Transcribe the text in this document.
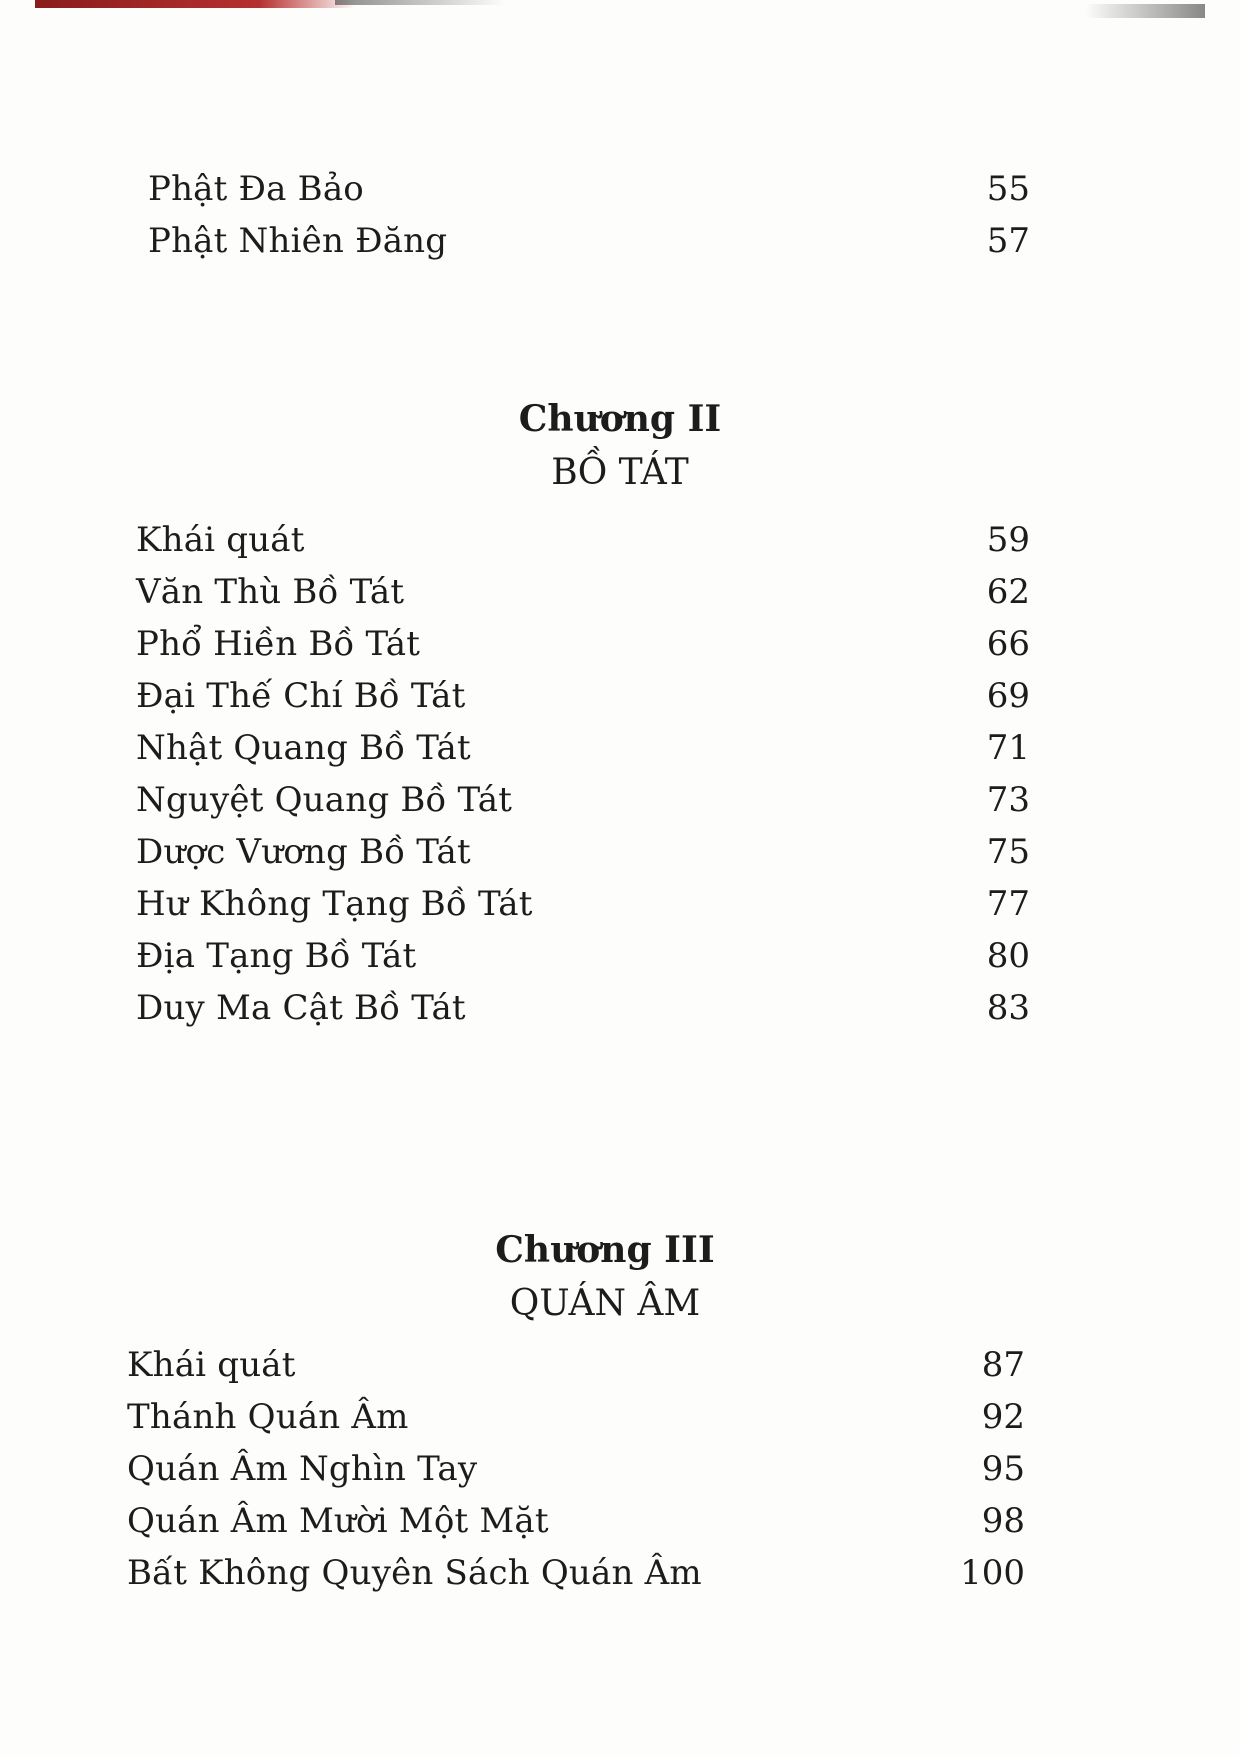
Phật Đa Bảo	55
Phật Nhiên Đăng	57
Chương II
BỒ TÁT
Khái quát	59
Văn Thù Bồ Tát	62
Phổ Hiền Bồ Tát	66
Đại Thế Chí Bồ Tát	69
Nhật Quang Bồ Tát	71
Nguyệt Quang Bồ Tát	73
Dược Vương Bồ Tát	75
Hư Không Tạng Bồ Tát	77
Địa Tạng Bồ Tát	80
Duy Ma Cật Bồ Tát	83
Chương III
QUÁN ÂM
Khái quát	87
Thánh Quán Âm	92
Quán Âm Nghìn Tay	95
Quán Âm Mười Một Mặt	98
Bất Không Quyên Sách Quán Âm	100
